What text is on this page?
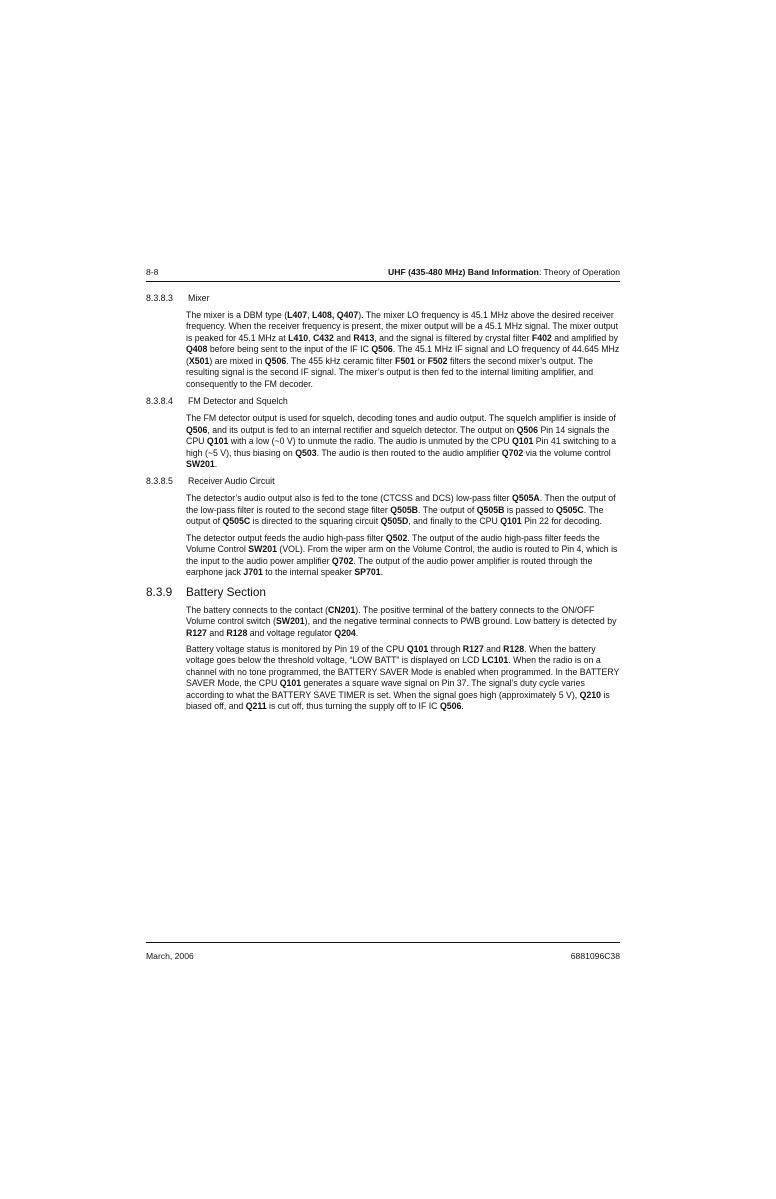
8-8	UHF (435-480 MHz) Band Information: Theory of Operation
8.3.8.3 Mixer

The mixer is a DBM type (L407, L408, Q407). The mixer LO frequency is 45.1 MHz above the desired receiver frequency. When the receiver frequency is present, the mixer output will be a 45.1 MHz signal. The mixer output is peaked for 45.1 MHz at L410, C432 and R413, and the signal is filtered by crystal filter F402 and amplified by Q408 before being sent to the input of the IF IC Q506. The 45.1 MHz IF signal and LO frequency of 44.645 MHz (X501) are mixed in Q506. The 455 kHz ceramic filter F501 or F502 filters the second mixer’s output. The resulting signal is the second IF signal. The mixer’s output is then fed to the internal limiting amplifier, and consequently to the FM decoder.

8.3.8.4 FM Detector and Squelch

The FM detector output is used for squelch, decoding tones and audio output. The squelch amplifier is inside of Q506, and its output is fed to an internal rectifier and squelch detector. The output on Q506 Pin 14 signals the CPU Q101 with a low (~0 V) to unmute the radio. The audio is unmuted by the CPU Q101 Pin 41 switching to a high (~5 V), thus biasing on Q503. The audio is then routed to the audio amplifier Q702 via the volume control SW201.

8.3.8.5 Receiver Audio Circuit

The detector’s audio output also is fed to the tone (CTCSS and DCS) low-pass filter Q505A. Then the output of the low-pass filter is routed to the second stage filter Q505B. The output of Q505B is passed to Q505C. The output of Q505C is directed to the squaring circuit Q505D, and finally to the CPU Q101 Pin 22 for decoding.

The detector output feeds the audio high-pass filter Q502. The output of the audio high-pass filter feeds the Volume Control SW201 (VOL). From the wiper arm on the Volume Control, the audio is routed to Pin 4, which is the input to the audio power amplifier Q702. The output of the audio power amplifier is routed through the earphone jack J701 to the internal speaker SP701.

8.3.9 Battery Section

The battery connects to the contact (CN201). The positive terminal of the battery connects to the ON/OFF Volume control switch (SW201), and the negative terminal connects to PWB ground. Low battery is detected by R127 and R128 and voltage regulator Q204.

Battery voltage status is monitored by Pin 19 of the CPU Q101 through R127 and R128. When the battery voltage goes below the threshold voltage, “LOW BATT” is displayed on LCD LC101. When the radio is on a channel with no tone programmed, the BATTERY SAVER Mode is enabled when programmed. In the BATTERY SAVER Mode, the CPU Q101 generates a square wave signal on Pin 37. The signal’s duty cycle varies according to what the BATTERY SAVE TIMER is set. When the signal goes high (approximately 5 V), Q210 is biased off, and Q211 is cut off, thus turning the supply off to IF IC Q506.

March, 2006	6881096C38
